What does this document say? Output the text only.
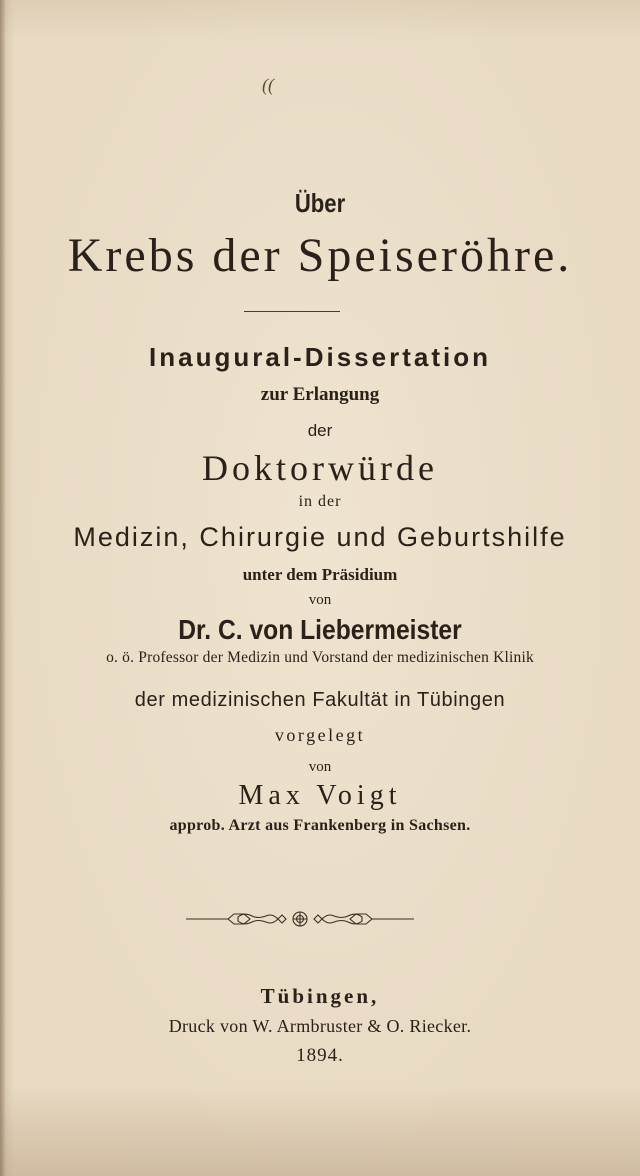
((

Über

Krebs der Speiseröhre.

Inaugural-Dissertation

zur Erlangung

der

Doktorwürde

in der

Medizin, Chirurgie und Geburtshilfe

unter dem Präsidium

von

Dr. C. von Liebermeister

o. ö. Professor der Medizin und Vorstand der medizinischen Klinik

der medizinischen Fakultät in Tübingen

vorgelegt

von

Max Voigt

approb. Arzt aus Frankenberg in Sachsen.

Tübingen,

Druck von W. Armbruster & O. Riecker.

1894.
